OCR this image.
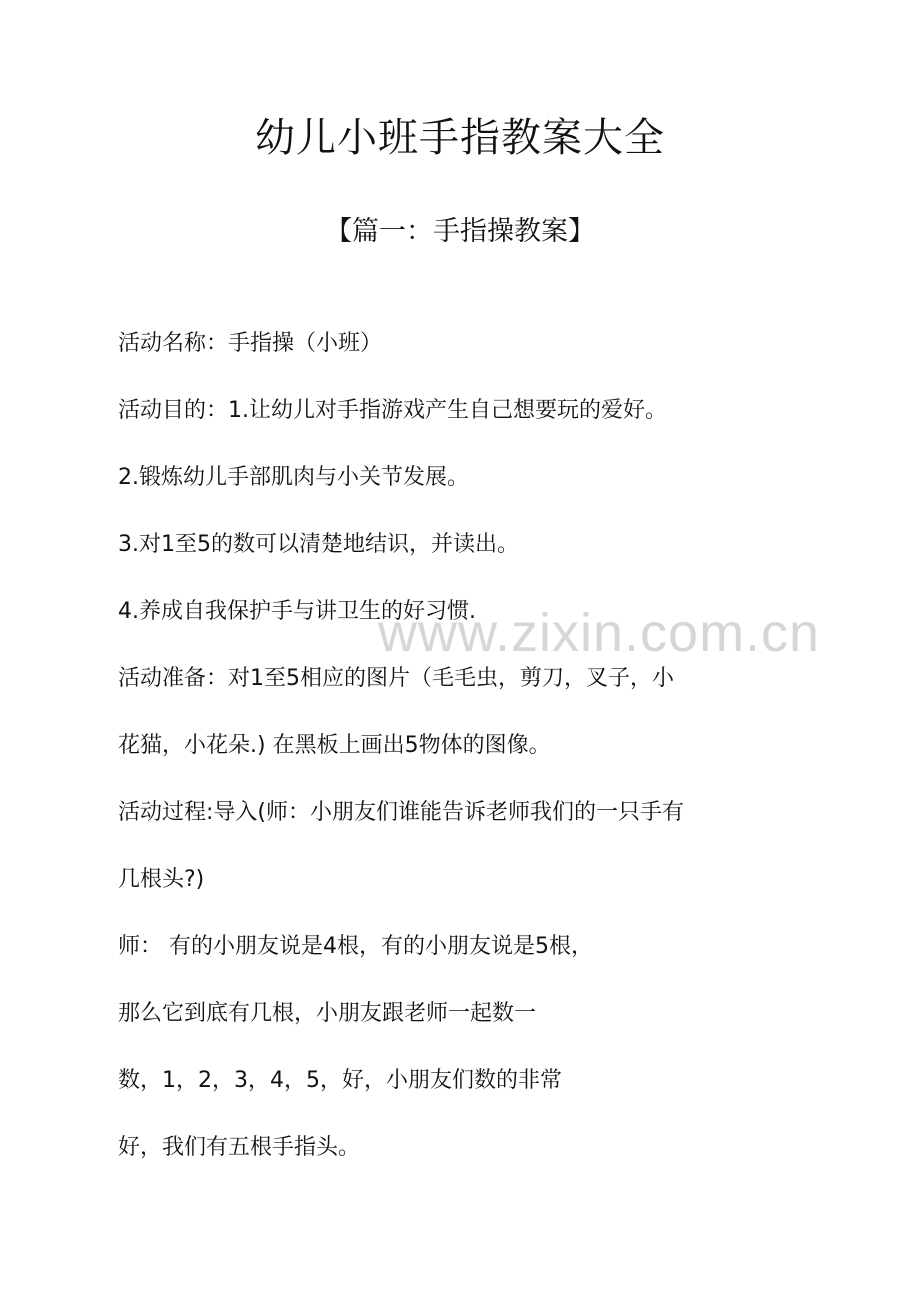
幼儿小班手指教案大全
【篇一：手指操教案】

活动名称：手指操（小班）

活动目的：1.让幼儿对手指游戏产生自己想要玩的爱好。

2.锻炼幼儿手部肌肉与小关节发展。

3.对1至5的数可以清楚地结识，并读出。

4.养成自我保护手与讲卫生的好习惯.

活动准备：对1至5相应的图片（毛毛虫，剪刀，叉子，小

花猫，小花朵.) 在黑板上画出5物体的图像。

活动过程:导入(师：小朋友们谁能告诉老师我们的一只手有

几根头?)

师： 有的小朋友说是4根，有的小朋友说是5根，

那么它到底有几根，小朋友跟老师一起数一

数，1，2，3，4，5，好，小朋友们数的非常

好，我们有五根手指头。

www.zixin.com.cn
